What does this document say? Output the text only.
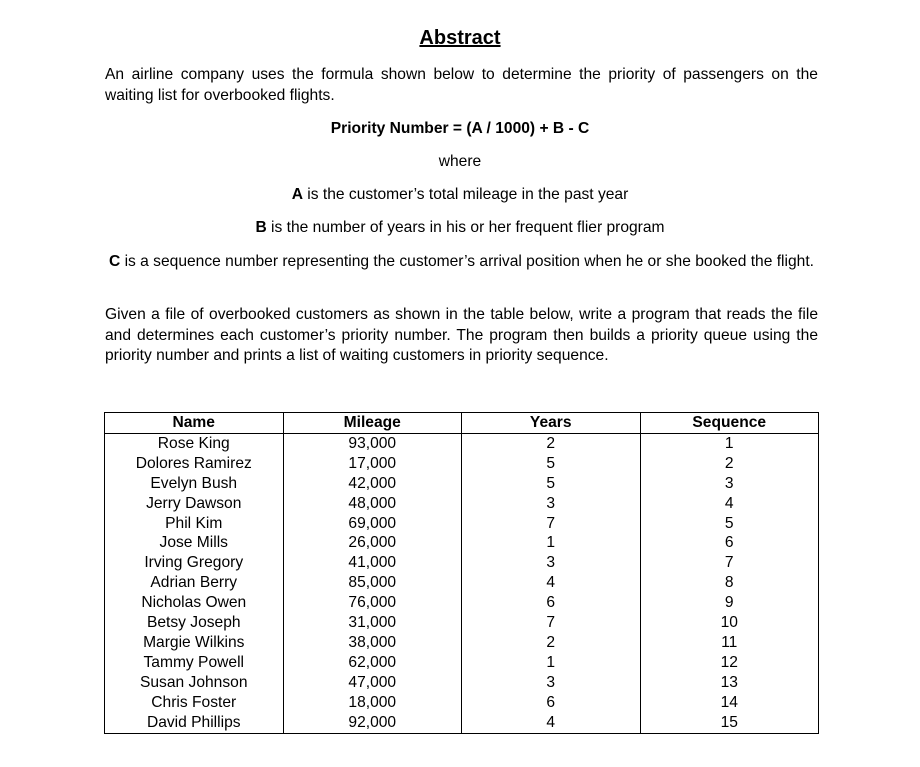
Abstract
An airline company uses the formula shown below to determine the priority of passengers on the waiting list for overbooked flights.
Priority Number = (A / 1000) + B - C
where
A is the customer’s total mileage in the past year
B is the number of years in his or her frequent flier program
C is a sequence number representing the customer’s arrival position when he or she booked the flight.
Given a file of overbooked customers as shown in the table below, write a program that reads the file and determines each customer’s priority number. The program then builds a priority queue using the priority number and prints a list of waiting customers in priority sequence.
Name	Mileage	Years	Sequence
Rose King	93,000	2	1
Dolores Ramirez	17,000	5	2
Evelyn Bush	42,000	5	3
Jerry Dawson	48,000	3	4
Phil Kim	69,000	7	5
Jose Mills	26,000	1	6
Irving Gregory	41,000	3	7
Adrian Berry	85,000	4	8
Nicholas Owen	76,000	6	9
Betsy Joseph	31,000	7	10
Margie Wilkins	38,000	2	11
Tammy Powell	62,000	1	12
Susan Johnson	47,000	3	13
Chris Foster	18,000	6	14
David Phillips	92,000	4	15
